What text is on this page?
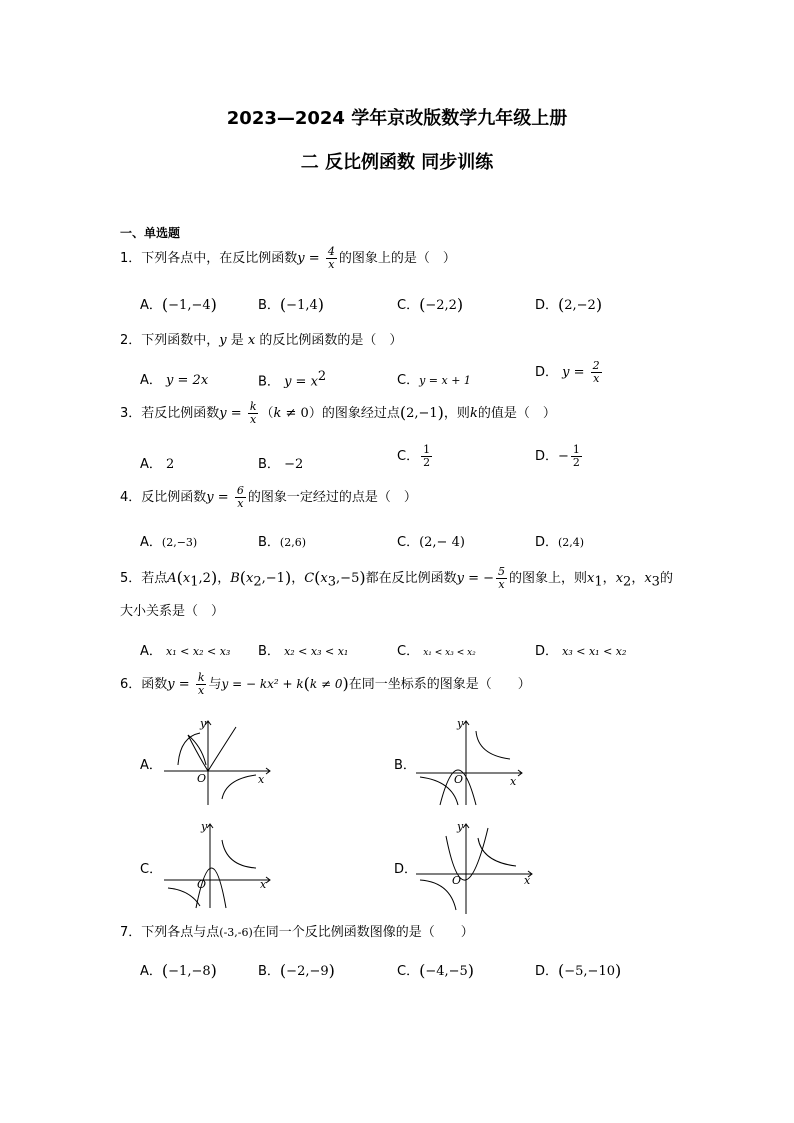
2023—2024 学年京改版数学九年级上册
二 反比例函数 同步训练
一、单选题
1．下列各点中，在反比例函数$y = \frac{4}{x}$ 的图象上的是（　）
A．(−1,−4)	B．(−1,4)	C．(−2,2)	D．(2,−2)
2．下列函数中，y 是 x 的反比例函数的是（　）
A． y = 2x	B． $y = x^2$	C．y = x + 1
D． $y = \frac{2}{x}$
3．若反比例函数$y = \frac{k}{x} (k \ne 0)$的图象经过点(2,−1)，则k的值是（　）
A． 2	B． −2
C． $\frac{1}{2}$	D．− $\frac{1}{2}$
4．反比例函数$y = \frac{6}{x}$ 的图象一定经过的点是（　）
A．(2,−3)	B．(2,6)	C．(2,− 4)	D．(2,4)
5．若点$A(x_1,2)$，$B(x_2,-1)$，$C(x_3,-5)$都在反比例函数y = − $\frac{5}{x}$ 的图象上，则$x_1$，$x_2$，$x_3$的
大小关系是（　）
A． x₁ < x₂ < x₃ B． x₂ < x₃ < x₁	C． x₁ < x₃ < x₂	D． x₃ < x₁ < x₂
6．函数$y = \frac{k}{x}$ 与y = − kx² + k(k ≠ 0)在同一坐标系的图象是（　　）
A．
y
x
O
B．
y
x
O
C．
y
x
O
D．
y
x
O
7．下列各点与点(-3,-6)在同一个反比例函数图像的是（　　）
A．(−1,−8)	B．(−2,−9)	C．(−4,−5)	D．(−5,−10)
